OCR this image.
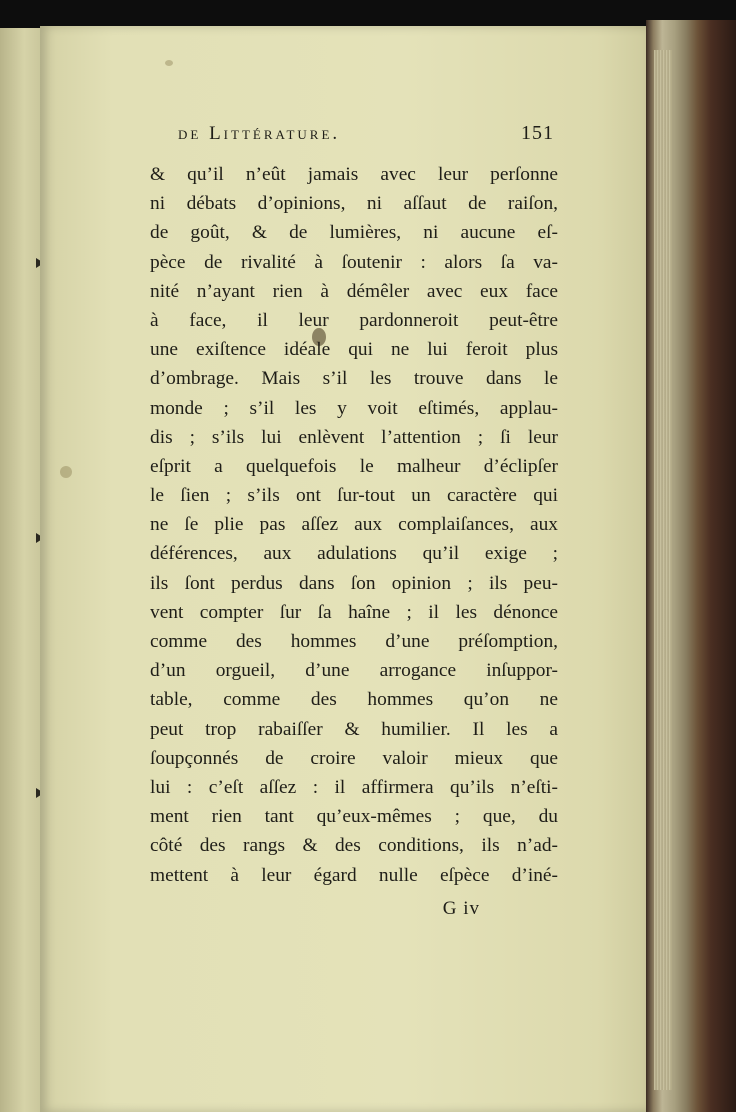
de Littérature.	151
& qu’il n’eût jamais avec leur perſonne
ni débats d’opinions, ni aſſaut de raiſon,
de goût, & de lumières, ni aucune eſ-
pèce de rivalité à ſoutenir : alors ſa va-
nité n’ayant rien à démêler avec eux face
à face, il leur pardonneroit peut-être
une exiſtence idéale qui ne lui feroit plus
d’ombrage. Mais s’il les trouve dans le
monde ; s’il les y voit eſtimés, applau-
dis ; s’ils lui enlèvent l’attention ; ſi leur
eſprit a quelquefois le malheur d’éclipſer
le ſien ; s’ils ont ſur-tout un caractère qui
ne ſe plie pas aſſez aux complaiſances, aux
déférences, aux adulations qu’il exige ;
ils ſont perdus dans ſon opinion ; ils peu-
vent compter ſur ſa haîne ; il les dénonce
comme des hommes d’une préſomption,
d’un orgueil, d’une arrogance inſuppor-
table, comme des hommes qu’on ne
peut trop rabaiſſer & humilier. Il les a
ſoupçonnés de croire valoir mieux que
lui : c’eſt aſſez : il affirmera qu’ils n’eſti-
ment rien tant qu’eux-mêmes ; que, du
côté des rangs & des conditions, ils n’ad-
mettent à leur égard nulle eſpèce d’iné-
G iv
